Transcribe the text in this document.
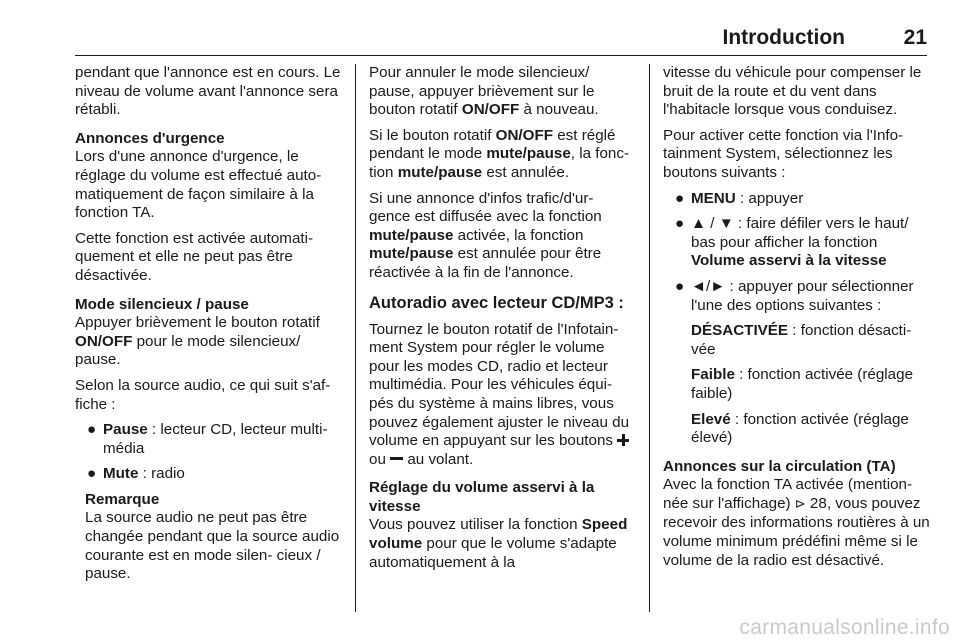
Introduction	21

pendant que l'annonce est en cours. Le niveau de volume avant l'annonce sera rétabli.

Annonces d'urgence

Lors d'une annonce d'urgence, le réglage du volume est effectué auto- matiquement de façon similaire à la fonction TA.

Cette fonction est activée automati- quement et elle ne peut pas être désactivée.

Mode silencieux / pause

Appuyer brièvement le bouton rotatif
ON/OFF pour le mode silencieux/ pause.

Selon la source audio, ce qui suit s'af- fiche :

● Pause : lecteur CD, lecteur multi- média
● Mute : radio
Remarque
La source audio ne peut pas être changée pendant que la source audio courante est en mode silen- cieux / pause.

Pour annuler le mode silencieux/ pause, appuyer brièvement sur le bouton rotatif ON/OFF à nouveau.

Si le bouton rotatif ON/OFF est réglé pendant le mode mute/pause, la fonc- tion mute/pause est annulée.

Si une annonce d'infos trafic/d'ur- gence est diffusée avec la fonction mute/pause activée, la fonction mute/pause est annulée pour être réactivée à la fin de l'annonce.

Autoradio avec lecteur CD/MP3 :

Tournez le bouton rotatif de l'Infotain- ment System pour régler le volume pour les modes CD, radio et lecteur multimédia. Pour les véhicules équi- pés du système à mains libres, vous pouvez également ajuster le niveau du volume en appuyant sur les boutons  ou  au volant.

Réglage du volume asservi à la vitesse

Vous pouvez utiliser la fonction Speed volume pour que le volume s'adapte automatiquement à la

vitesse du véhicule pour compenser le bruit de la route et du vent dans l'habitacle lorsque vous conduisez.

Pour activer cette fonction via l'Info- tainment System, sélectionnez les boutons suivants :

● MENU : appuyer
● ▲ / ▼ : faire défiler vers le haut/ bas pour afficher la fonction Volume asservi à la vitesse
● ◄/► : appuyer pour sélectionner l'une des options suivantes :

DÉSACTIVÉE : fonction désacti- vée

Faible : fonction activée (réglage faible)

Elevé : fonction activée (réglage élevé)

Annonces sur la circulation (TA)

Avec la fonction TA activée (mention- née sur l'affichage) ⊳ 28, vous pouvez recevoir des informations routières à un volume minimum prédéfini même si le volume de la radio est désactivé.

carmanualsonline.info
